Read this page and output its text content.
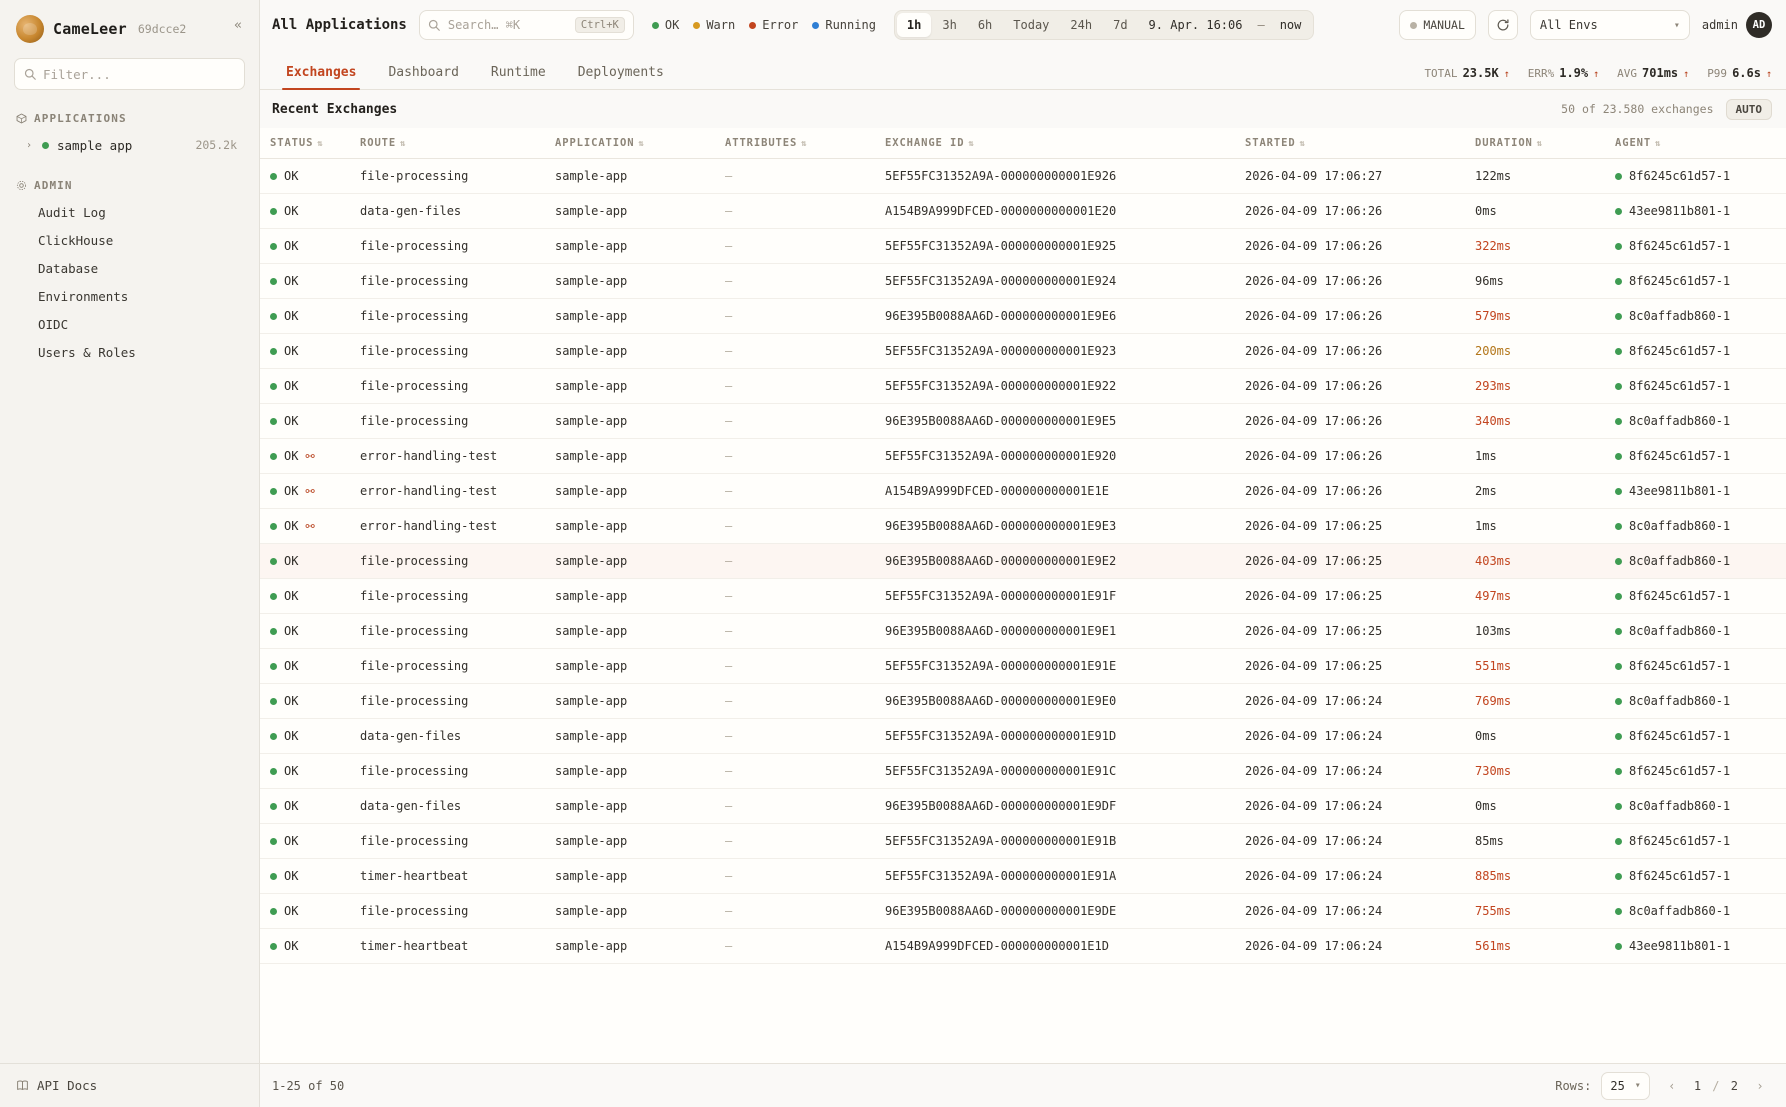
CameLeer 69dcce2	«
Filter...
APPLICATIONS
› sample app	205.2k
ADMIN
Audit Log
ClickHouse
Database
Environments
OIDC
Users & Roles
API Docs
All Applications	Search… ⌘K	Ctrl+K	OK Warn Error Running	1h	3h	6h	Today	24h	7d	9. Apr. 16:06	—	now	MANUAL	All Envs	▾ admin	AD
Exchanges	Dashboard	Runtime	Deployments	TOTAL 23.5K ↑ ERR% 1.9% ↑ AVG 701ms ↑ P99 6.6s ↑
Recent Exchanges	50 of 23.580 exchanges	AUTO
STATUS ⇅	ROUTE ⇅	APPLICATION ⇅	ATTRIBUTES ⇅	EXCHANGE ID ⇅	STARTED ⇅	DURATION ⇅	AGENT ⇅

OK	file-processing	sample-app	—	5EF55FC31352A9A-000000000001E926	2026-04-09 17:06:27	122ms	8f6245c61d57-1

OK	data-gen-files	sample-app	—	A154B9A999DFCED-0000000000001E20	2026-04-09 17:06:26	0ms	43ee9811b801-1

OK	file-processing	sample-app	—	5EF55FC31352A9A-000000000001E925	2026-04-09 17:06:26	322ms	8f6245c61d57-1

OK	file-processing	sample-app	—	5EF55FC31352A9A-000000000001E924	2026-04-09 17:06:26	96ms	8f6245c61d57-1

OK	file-processing	sample-app	—	96E395B0088AA6D-000000000001E9E6	2026-04-09 17:06:26	579ms	8c0affadb860-1

OK	file-processing	sample-app	—	5EF55FC31352A9A-000000000001E923	2026-04-09 17:06:26	200ms	8f6245c61d57-1

OK	file-processing	sample-app	—	5EF55FC31352A9A-000000000001E922	2026-04-09 17:06:26	293ms	8f6245c61d57-1

OK	file-processing	sample-app	—	96E395B0088AA6D-000000000001E9E5	2026-04-09 17:06:26	340ms	8c0affadb860-1

OK ⚯	error-handling-test	sample-app	—	5EF55FC31352A9A-000000000001E920	2026-04-09 17:06:26	1ms	8f6245c61d57-1

OK ⚯	error-handling-test	sample-app	—	A154B9A999DFCED-000000000001E1E	2026-04-09 17:06:26	2ms	43ee9811b801-1

OK ⚯	error-handling-test	sample-app	—	96E395B0088AA6D-000000000001E9E3	2026-04-09 17:06:25	1ms	8c0affadb860-1

OK	file-processing	sample-app	—	96E395B0088AA6D-000000000001E9E2	2026-04-09 17:06:25	403ms	8c0affadb860-1

OK	file-processing	sample-app	—	5EF55FC31352A9A-000000000001E91F	2026-04-09 17:06:25	497ms	8f6245c61d57-1

OK	file-processing	sample-app	—	96E395B0088AA6D-000000000001E9E1	2026-04-09 17:06:25	103ms	8c0affadb860-1

OK	file-processing	sample-app	—	5EF55FC31352A9A-000000000001E91E	2026-04-09 17:06:25	551ms	8f6245c61d57-1

OK	file-processing	sample-app	—	96E395B0088AA6D-000000000001E9E0	2026-04-09 17:06:24	769ms	8c0affadb860-1

OK	data-gen-files	sample-app	—	5EF55FC31352A9A-000000000001E91D	2026-04-09 17:06:24	0ms	8f6245c61d57-1

OK	file-processing	sample-app	—	5EF55FC31352A9A-000000000001E91C	2026-04-09 17:06:24	730ms	8f6245c61d57-1

OK	data-gen-files	sample-app	—	96E395B0088AA6D-000000000001E9DF	2026-04-09 17:06:24	0ms	8c0affadb860-1

OK	file-processing	sample-app	—	5EF55FC31352A9A-000000000001E91B	2026-04-09 17:06:24	85ms	8f6245c61d57-1

OK	timer-heartbeat	sample-app	—	5EF55FC31352A9A-000000000001E91A	2026-04-09 17:06:24	885ms	8f6245c61d57-1

OK	file-processing	sample-app	—	96E395B0088AA6D-000000000001E9DE	2026-04-09 17:06:24	755ms	8c0affadb860-1

OK	timer-heartbeat	sample-app	—	A154B9A999DFCED-000000000001E1D	2026-04-09 17:06:24	561ms	43ee9811b801-1
1-25 of 50	Rows: 25 ▾	‹	1 / 2	›
